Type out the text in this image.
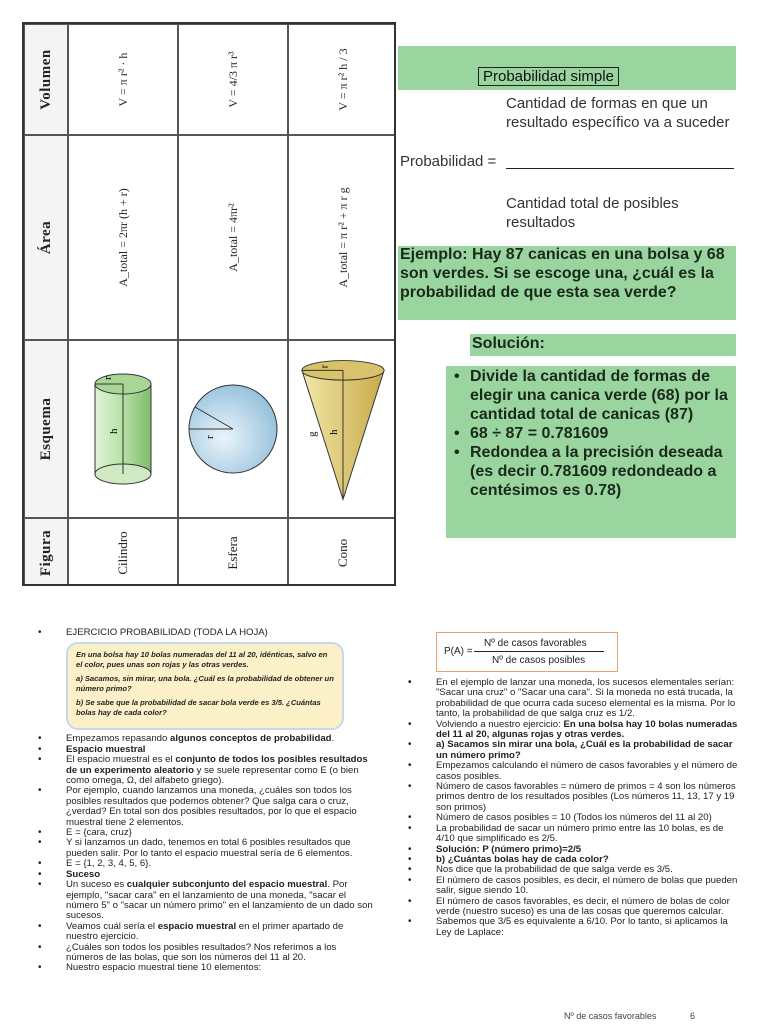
Figura
Esquema
Área
Volumen
Cilindro
h
r
A_total = 2πr (h + r)
V = π r² · h
Esfera
r
A_total = 4πr²
V = 4/3 π r³
Cono
h
r
g
A_total = π r² + π r g
V = π r² h / 3	Probabilidad simple
Cantidad de formas en que un resultado específico va a suceder
Probabilidad =
Cantidad total de posibles resultados
Ejemplo: Hay 87 canicas en una bolsa y 68 son verdes. Si se escoge una, ¿cuál es la probabilidad de que esta sea verde?
Solución:
• Divide la cantidad de formas de elegir una canica verde (68) por la cantidad total de canicas (87)
• 68 ÷ 87 = 0.781609
• Redondea a la precisión deseada (es decir 0.781609 redondeado a centésimos es 0.78)
• EJERCICIO PROBABILIDAD (TODA LA HOJA)

En una bolsa hay 10 bolas numeradas del 11 al 20, idénticas, salvo en el color, pues unas son rojas y las otras verdes.

a) Sacamos, sin mirar, una bola. ¿Cuál es la probabilidad de obtener un número primo?

b) Se sabe que la probabilidad de sacar bola verde es 3/5. ¿Cuántas bolas hay de cada color?

• Empezamos repasando algunos conceptos de probabilidad.
• Espacio muestral
• El espacio muestral es el conjunto de todos los posibles resultados de un experimento aleatorio y se suele representar como E (o bien como omega, Ω, del alfabeto griego).
• Por ejemplo, cuando lanzamos una moneda, ¿cuáles son todos los posibles resultados que podemos obtener? Que salga cara o cruz, ¿verdad? En total son dos posibles resultados, por lo que el espacio muestral tiene 2 elementos.
• E = {cara, cruz}
• Y si lanzamos un dado, tenemos en total 6 posibles resultados que pueden salir. Por lo tanto el espacio muestral sería de 6 elementos.
• E = {1, 2, 3, 4, 5, 6}.
• Suceso
• Un suceso es cualquier subconjunto del espacio muestral. Por ejemplo, "sacar cara" en el lanzamiento de una moneda, "sacar el número 5" o "sacar un número primo" en el lanzamiento de un dado son sucesos.
• Veamos cuál sería el espacio muestral en el primer apartado de nuestro ejercicio.
• ¿Cuáles son todos los posibles resultados? Nos referimos a los números de las bolas, que son los números del 11 al 20.
• Nuestro espacio muestral tiene 10 elementos:
P(A) =
Nº de casos favorables
Nº de casos posibles
• En el ejemplo de lanzar una moneda, los sucesos elementales serían: "Sacar una cruz" o "Sacar una cara". Si la moneda no está trucada, la probabilidad de que ocurra cada suceso elemental es la misma. Por lo tanto, la probabilidad de que salga cruz es 1/2.
• Volviendo a nuestro ejercicio: En una bolsa hay 10 bolas numeradas del 11 al 20, algunas rojas y otras verdes.
• a) Sacamos sin mirar una bola, ¿Cuál es la probabilidad de sacar un número primo?
• Empezamos calculando el número de casos favorables y el número de casos posibles.
• Número de casos favorables = número de primos = 4 son los números primos dentro de los resultados posibles (Los números 11, 13, 17 y 19 son primos)
• Número de casos posibles = 10 (Todos los números del 11 al 20)
• La probabilidad de sacar un número primo entre las 10 bolas, es de 4/10 que simplificado es 2/5.
• Solución: P (número primo)=2/5
• b) ¿Cuántas bolas hay de cada color?
• Nos dice que la probabilidad de que salga verde es 3/5.
• El número de casos posibles, es decir, el número de bolas que pueden salir, sigue siendo 10.
• El número de casos favorables, es decir, el número de bolas de color verde (nuestro suceso) es una de las cosas que queremos calcular.
• Sabemos que 3/5 es equivalente a 6/10. Por lo tanto, si aplicamos la Ley de Laplace:
Nº de casos favorables	6
